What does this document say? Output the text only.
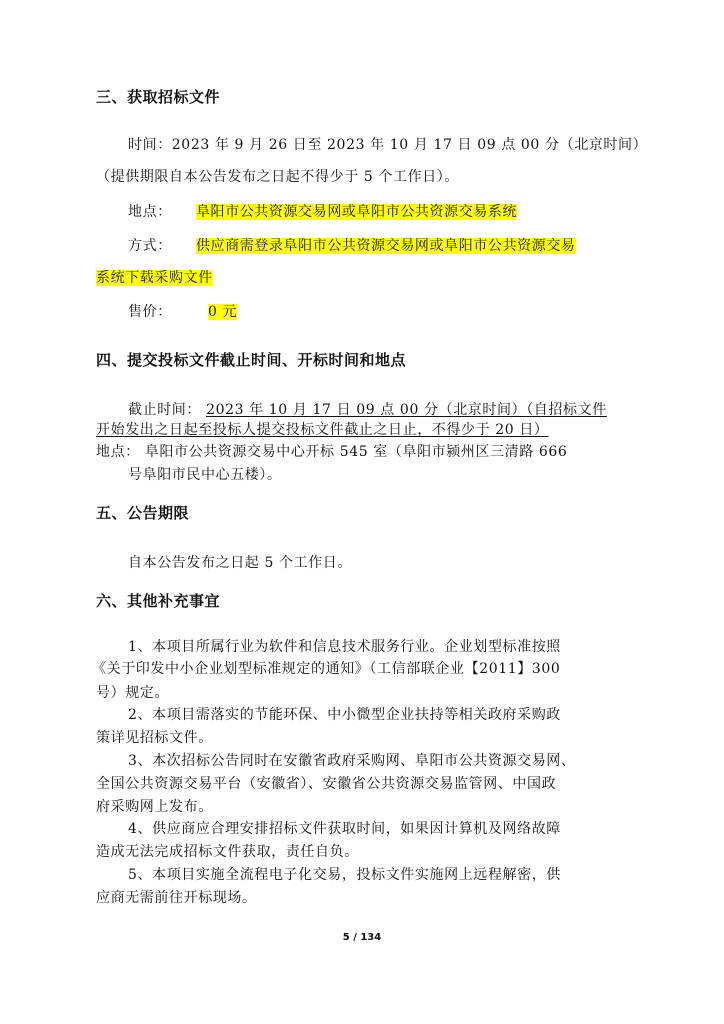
三、获取招标文件
时间：2023 年 9 月 26 日至 2023 年 10 月 17 日 09 点 00 分（北京时间）
（提供期限自本公告发布之日起不得少于 5 个工作日）。
地点： 阜阳市公共资源交易网或阜阳市公共资源交易系统
方式： 供应商需登录阜阳市公共资源交易网或阜阳市公共资源交易
系统下载采购文件
售价：	0 元
四、提交投标文件截止时间、开标时间和地点
截止时间： 2023 年 10 月 17 日 09 点 00 分（北京时间）（自招标文件
开始发出之日起至投标人提交投标文件截止之日止，不得少于 20 日）
地点： 阜阳市公共资源交易中心开标 545 室（阜阳市颍州区三清路 666
号阜阳市民中心五楼）。
五、公告期限
自本公告发布之日起 5 个工作日。
六、其他补充事宜
1、本项目所属行业为软件和信息技术服务行业。企业划型标准按照
《关于印发中小企业划型标准规定的通知》（工信部联企业【2011】300
号）规定。
2、本项目需落实的节能环保、中小微型企业扶持等相关政府采购政
策详见招标文件。
3、本次招标公告同时在安徽省政府采购网、阜阳市公共资源交易网、
全国公共资源交易平台（安徽省）、安徽省公共资源交易监管网、中国政
府采购网上发布。
4、供应商应合理安排招标文件获取时间，如果因计算机及网络故障
造成无法完成招标文件获取，责任自负。
5、本项目实施全流程电子化交易，投标文件实施网上远程解密，供
应商无需前往开标现场。
5 / 134
